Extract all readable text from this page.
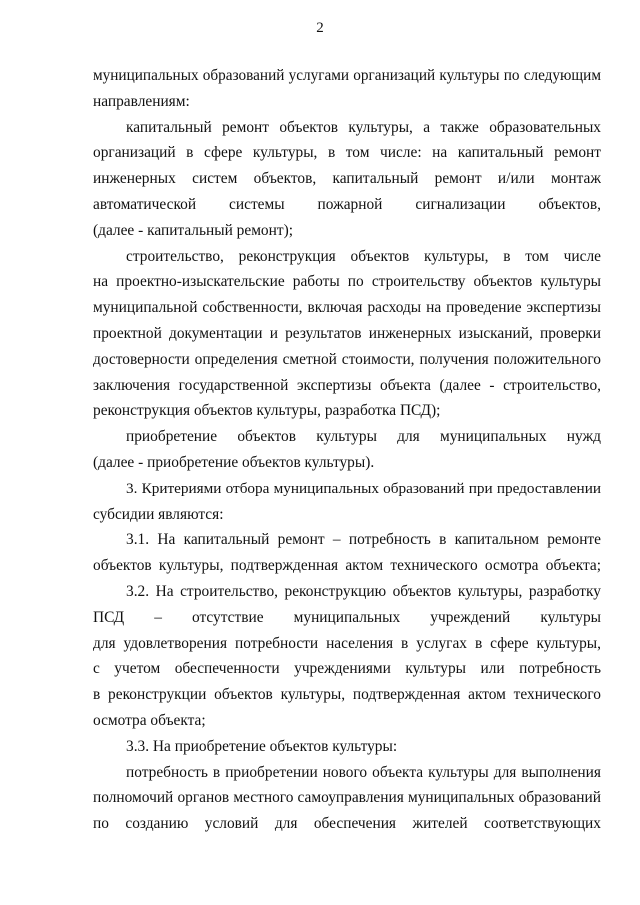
2
муниципальных образований услугами организаций культуры по следующим
направлениям:
капитальный ремонт объектов культуры, а также образовательных
организаций в сфере культуры, в том числе: на капитальный ремонт
инженерных систем объектов, капитальный ремонт и/или монтаж
автоматической системы пожарной сигнализации объектов,
(далее - капитальный ремонт);
строительство, реконструкция объектов культуры, в том числе
на проектно-изыскательские работы по строительству объектов культуры
муниципальной собственности, включая расходы на проведение экспертизы
проектной документации и результатов инженерных изысканий, проверки
достоверности определения сметной стоимости, получения положительного
заключения государственной экспертизы объекта (далее - строительство,
реконструкция объектов культуры, разработка ПСД);
приобретение объектов культуры для муниципальных нужд
(далее - приобретение объектов культуры).
3. Критериями отбора муниципальных образований при предоставлении
субсидии являются:
3.1. На капитальный ремонт – потребность в капитальном ремонте
объектов культуры, подтвержденная актом технического осмотра объекта;
3.2. На строительство, реконструкцию объектов культуры, разработку
ПСД – отсутствие муниципальных учреждений культуры
для удовлетворения потребности населения в услугах в сфере культуры,
с учетом обеспеченности учреждениями культуры или потребность
в реконструкции объектов культуры, подтвержденная актом технического
осмотра объекта;
3.3. На приобретение объектов культуры:
потребность в приобретении нового объекта культуры для выполнения
полномочий органов местного самоуправления муниципальных образований
по созданию условий для обеспечения жителей соответствующих
